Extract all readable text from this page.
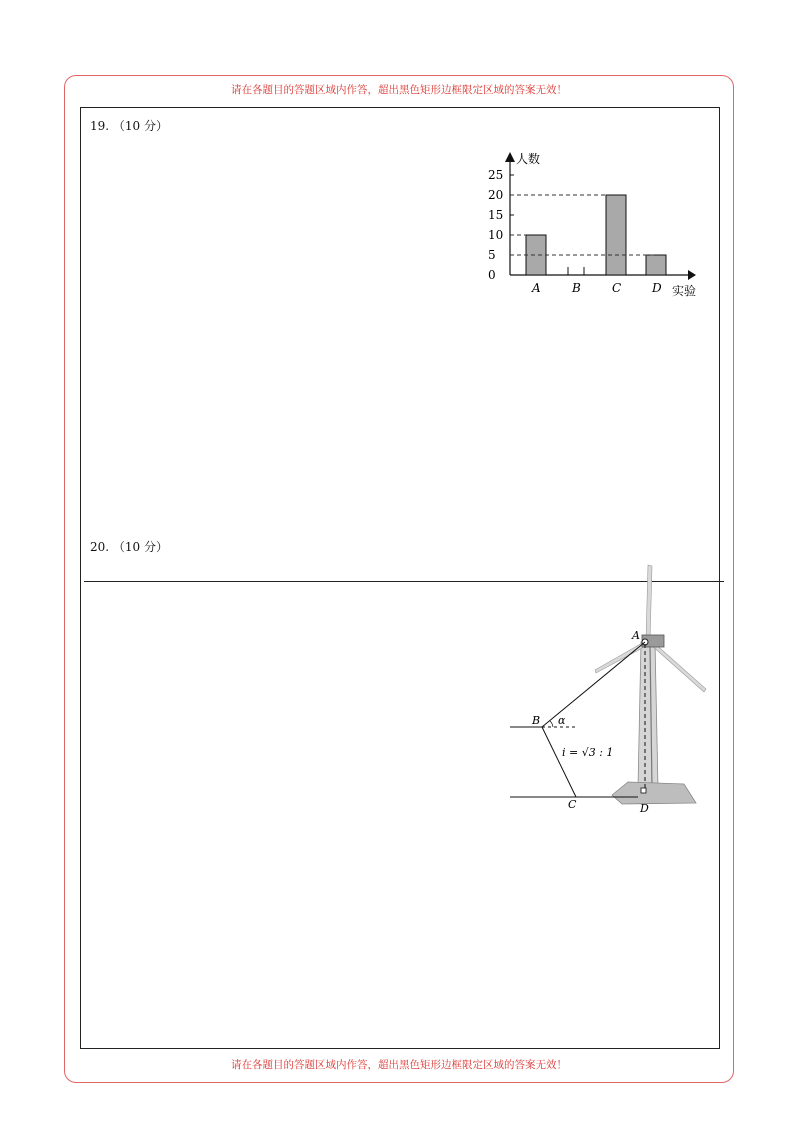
请在各题目的答题区域内作答，超出黑色矩形边框限定区域的答案无效！
19. （10 分）
0
5
10
15
20
25
人数
实验
A	B	C	D
20. （10 分）
A
B α
i = √3 : 1
C	D
请在各题目的答题区域内作答，超出黑色矩形边框限定区域的答案无效！
